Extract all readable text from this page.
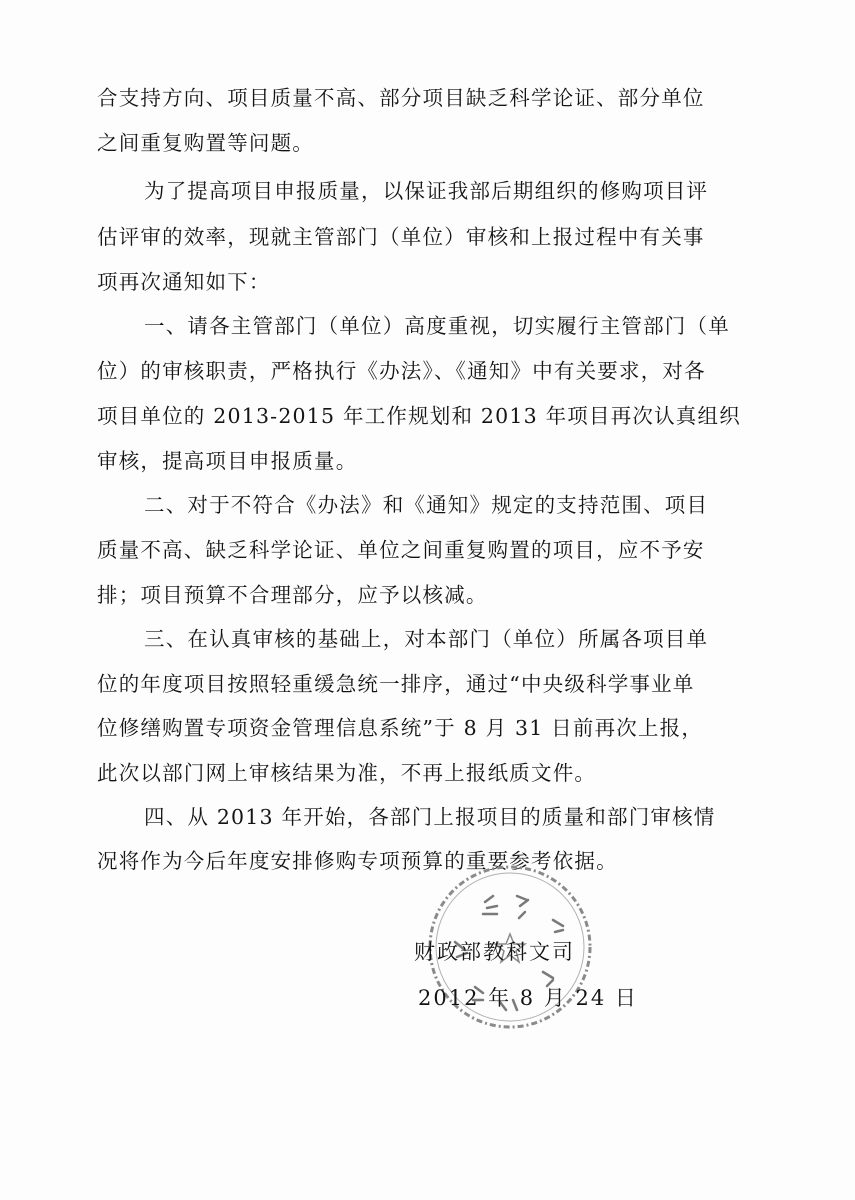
合支持方向、项目质量不高、部分项目缺乏科学论证、部分单位
之间重复购置等问题。
为了提高项目申报质量，以保证我部后期组织的修购项目评
估评审的效率，现就主管部门（单位）审核和上报过程中有关事
项再次通知如下：
一、请各主管部门（单位）高度重视，切实履行主管部门（单
位）的审核职责，严格执行《办法》、《通知》中有关要求，对各
项目单位的 2013-2015 年工作规划和 2013 年项目再次认真组织
审核，提高项目申报质量。
二、对于不符合《办法》和《通知》规定的支持范围、项目
质量不高、缺乏科学论证、单位之间重复购置的项目，应不予安
排；项目预算不合理部分，应予以核减。
三、在认真审核的基础上，对本部门（单位）所属各项目单
位的年度项目按照轻重缓急统一排序，通过“中央级科学事业单
位修缮购置专项资金管理信息系统”于 8 月 31 日前再次上报，
此次以部门网上审核结果为准，不再上报纸质文件。
四、从 2013 年开始，各部门上报项目的质量和部门审核情
况将作为今后年度安排修购专项预算的重要参考依据。
财政部教科文司
2012 年 8 月 24 日
